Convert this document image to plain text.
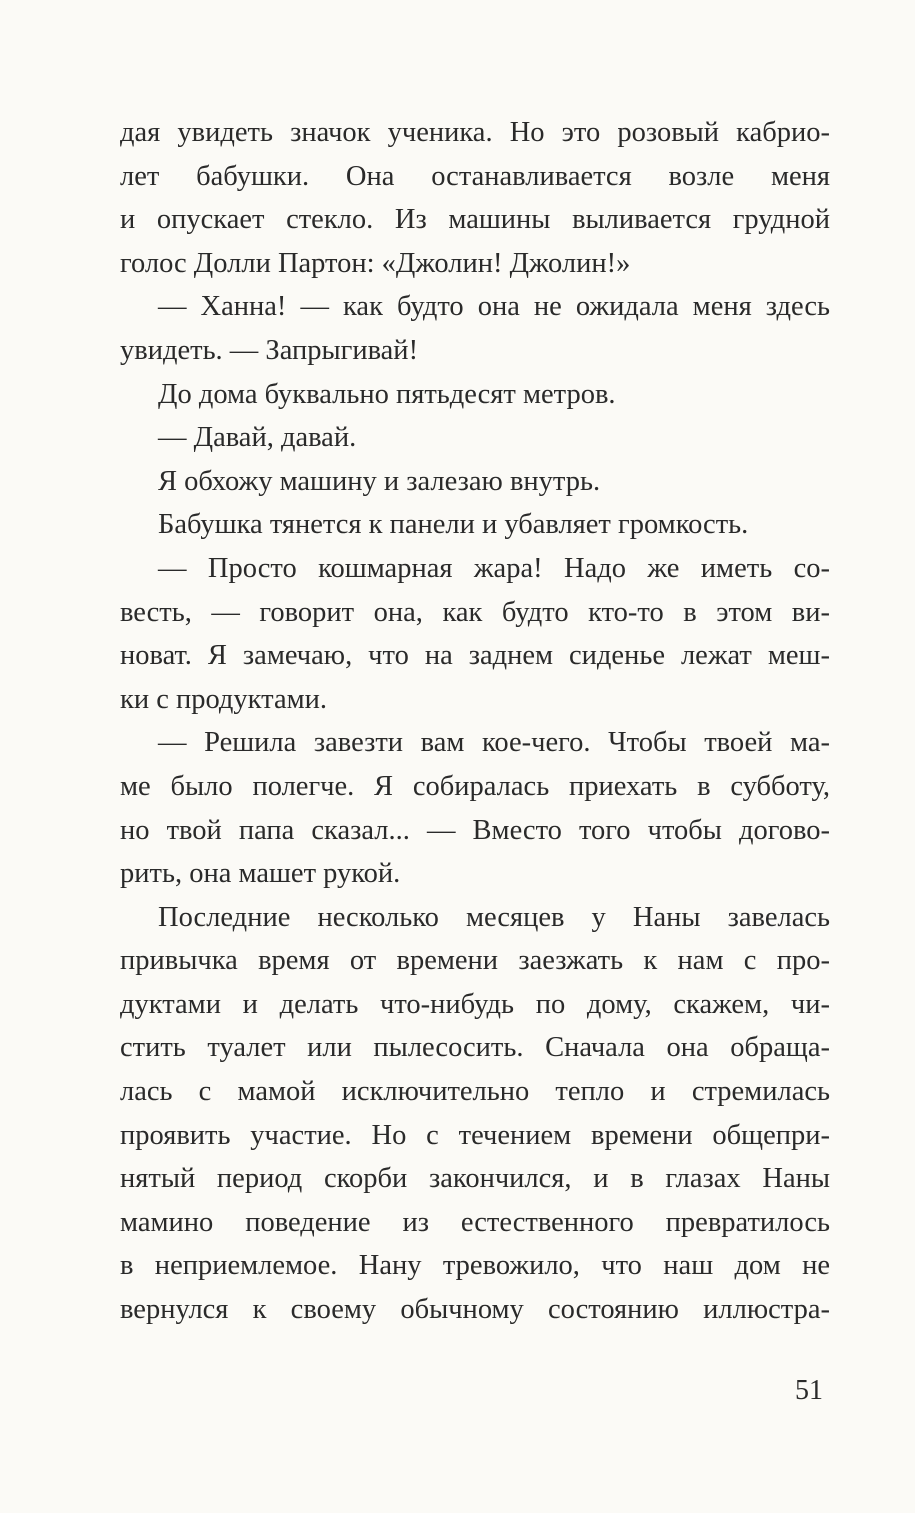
дая увидеть значок ученика. Но это розовый кабрио-
лет бабушки. Она останавливается возле меня
и опускает стекло. Из машины выливается грудной
голос Долли Партон: «Джолин! Джолин!»
— Ханна! — как будто она не ожидала меня здесь
увидеть. — Запрыгивай!
До дома буквально пятьдесят метров.
— Давай, давай.
Я обхожу машину и залезаю внутрь.
Бабушка тянется к панели и убавляет громкость.
— Просто кошмарная жара! Надо же иметь со-
весть, — говорит она, как будто кто-то в этом ви-
новат. Я замечаю, что на заднем сиденье лежат меш-
ки с продуктами.
— Решила завезти вам кое-чего. Чтобы твоей ма-
ме было полегче. Я собиралась приехать в субботу,
но твой папа сказал... — Вместо того чтобы догово-
рить, она машет рукой.
Последние несколько месяцев у Наны завелась
привычка время от времени заезжать к нам с про-
дуктами и делать что-нибудь по дому, скажем, чи-
стить туалет или пылесосить. Сначала она обраща-
лась с мамой исключительно тепло и стремилась
проявить участие. Но с течением времени общепри-
нятый период скорби закончился, и в глазах Наны
мамино поведение из естественного превратилось
в неприемлемое. Нану тревожило, что наш дом не
вернулся к своему обычному состоянию иллюстра-
51
